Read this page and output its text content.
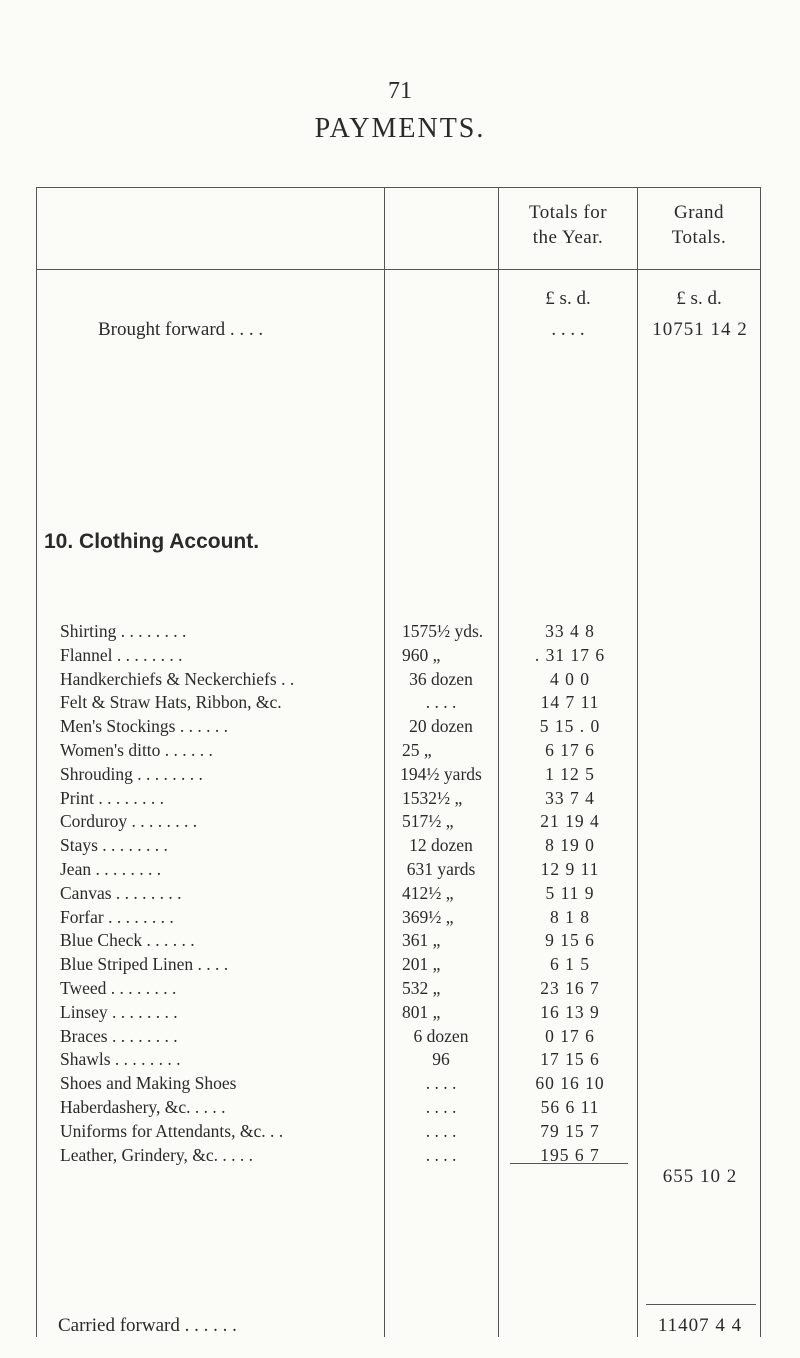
71
PAYMENTS.
Totals for
the Year.
Grand
Totals.
£ s. d.	£ s. d.
Brought forward . . . .	. . . .	10751 14 2
10. Clothing Account.
Shirting . . . . . . . .	1575½ yds.	33 4 8
Flannel . . . . . . . .	960 „	. 31 17 6
Handkerchiefs & Neckerchiefs . .	36 dozen	4 0 0
Felt & Straw Hats, Ribbon, &c.	. . . .	14 7 11
Men's Stockings . . . . . .	20 dozen	5 15 . 0
Women's ditto . . . . . .	25 „	6 17 6
Shrouding . . . . . . . .	194½ yards	1 12 5
Print . . . . . . . .	1532½ „	33 7 4
Corduroy . . . . . . . .	517½ „	21 19 4
Stays . . . . . . . .	12 dozen	8 19 0
Jean . . . . . . . .	631 yards	12 9 11
Canvas . . . . . . . .	412½ „	5 11 9
Forfar . . . . . . . .	369½ „	8 1 8
Blue Check . . . . . .	361 „	9 15 6
Blue Striped Linen . . . .	201 „	6 1 5
Tweed . . . . . . . .	532 „	23 16 7
Linsey . . . . . . . .	801 „	16 13 9
Braces . . . . . . . .	6 dozen	0 17 6
Shawls . . . . . . . .	96	17 15 6
Shoes and Making Shoes	. . . .	60 16 10
Haberdashery, &c. . . . .	. . . .	56 6 11
Uniforms for Attendants, &c. . .	. . . .	79 15 7
Leather, Grindery, &c. . . . .	. . . .	195 6 7
655 10 2
Carried forward . . . . . .	11407 4 4
